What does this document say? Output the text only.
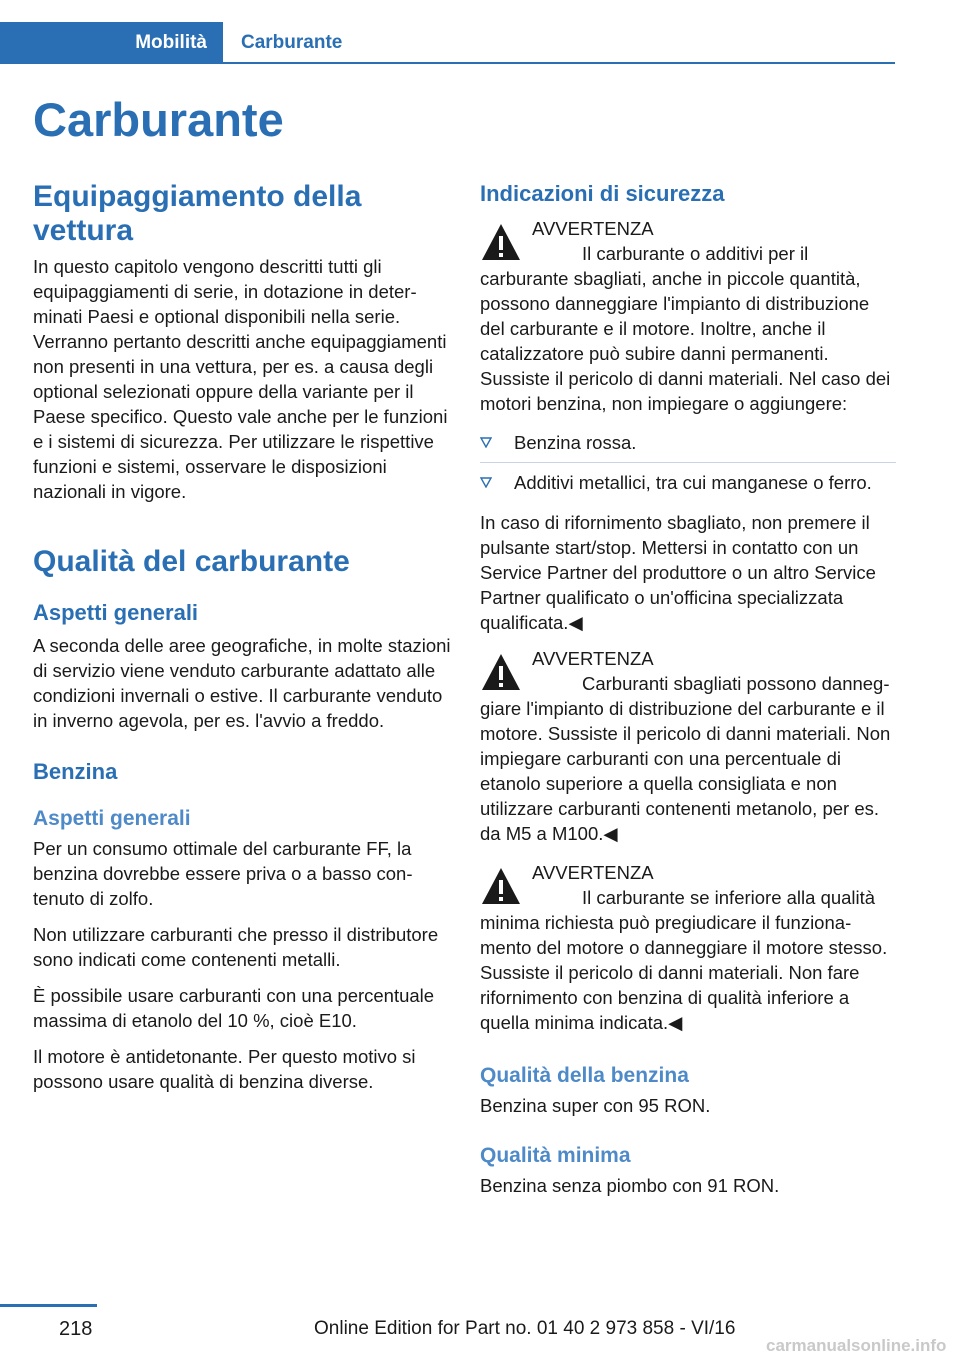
Mobilità Carburante
Carburante
Equipaggiamento della vettura

In questo capitolo vengono descritti tutti gli equipaggiamenti di serie, in dotazione in determinati Paesi e optional disponibili nella serie. Verranno pertanto descritti anche equipaggiamenti non presenti in una vettura, per es. a causa degli optional selezionati oppure della variante per il Paese specifico. Questo vale anche per le funzioni e i sistemi di sicurezza. Per utilizzare le rispettive funzioni e sistemi, osservare le disposizioni nazionali in vigore.

Qualità del carburante
Aspetti generali

A seconda delle aree geografiche, in molte stazioni di servizio viene venduto carburante adattato alle condizioni invernali o estive. Il carburante venduto in inverno agevola, per es. l'avvio a freddo.

Benzina
Aspetti generali

Per un consumo ottimale del carburante FF, la benzina dovrebbe essere priva o a basso contenuto di zolfo.

Non utilizzare carburanti che presso il distributore sono indicati come contenenti metalli.

È possibile usare carburanti con una percentuale massima di etanolo del 10 %, cioè E10.

Il motore è antidetonante. Per questo motivo si possono usare qualità di benzina diverse.

Indicazioni di sicurezza
AVVERTENZA

Il carburante o additivi per il carburante sbagliati, anche in piccole quantità, possono danneggiare l'impianto di distribuzione del carburante e il motore. Inoltre, anche il catalizzatore può subire danni permanenti. Sussiste il pericolo di danni materiali. Nel caso dei motori benzina, non impiegare o aggiungere:

Benzina rossa.
Additivi metallici, tra cui manganese o ferro.

In caso di rifornimento sbagliato, non premere il pulsante start/stop. Mettersi in contatto con un Service Partner del produttore o un altro Service Partner qualificato o un'officina specializzata qualificata.◀

AVVERTENZA

Carburanti sbagliati possono danneggiare l'impianto di distribuzione del carburante e il motore. Sussiste il pericolo di danni materiali. Non impiegare carburanti con una percentuale di etanolo superiore a quella consigliata e non utilizzare carburanti contenenti metanolo, per es. da M5 a M100.◀

AVVERTENZA

Il carburante se inferiore alla qualità minima richiesta può pregiudicare il funzionamento del motore o danneggiare il motore stesso. Sussiste il pericolo di danni materiali. Non fare rifornimento con benzina di qualità inferiore a quella minima indicata.◀

Qualità della benzina

Benzina super con 95 RON.

Qualità minima

Benzina senza piombo con 91 RON.

218	Online Edition for Part no. 01 40 2 973 858 - VI/16
carmanualsonline.info
